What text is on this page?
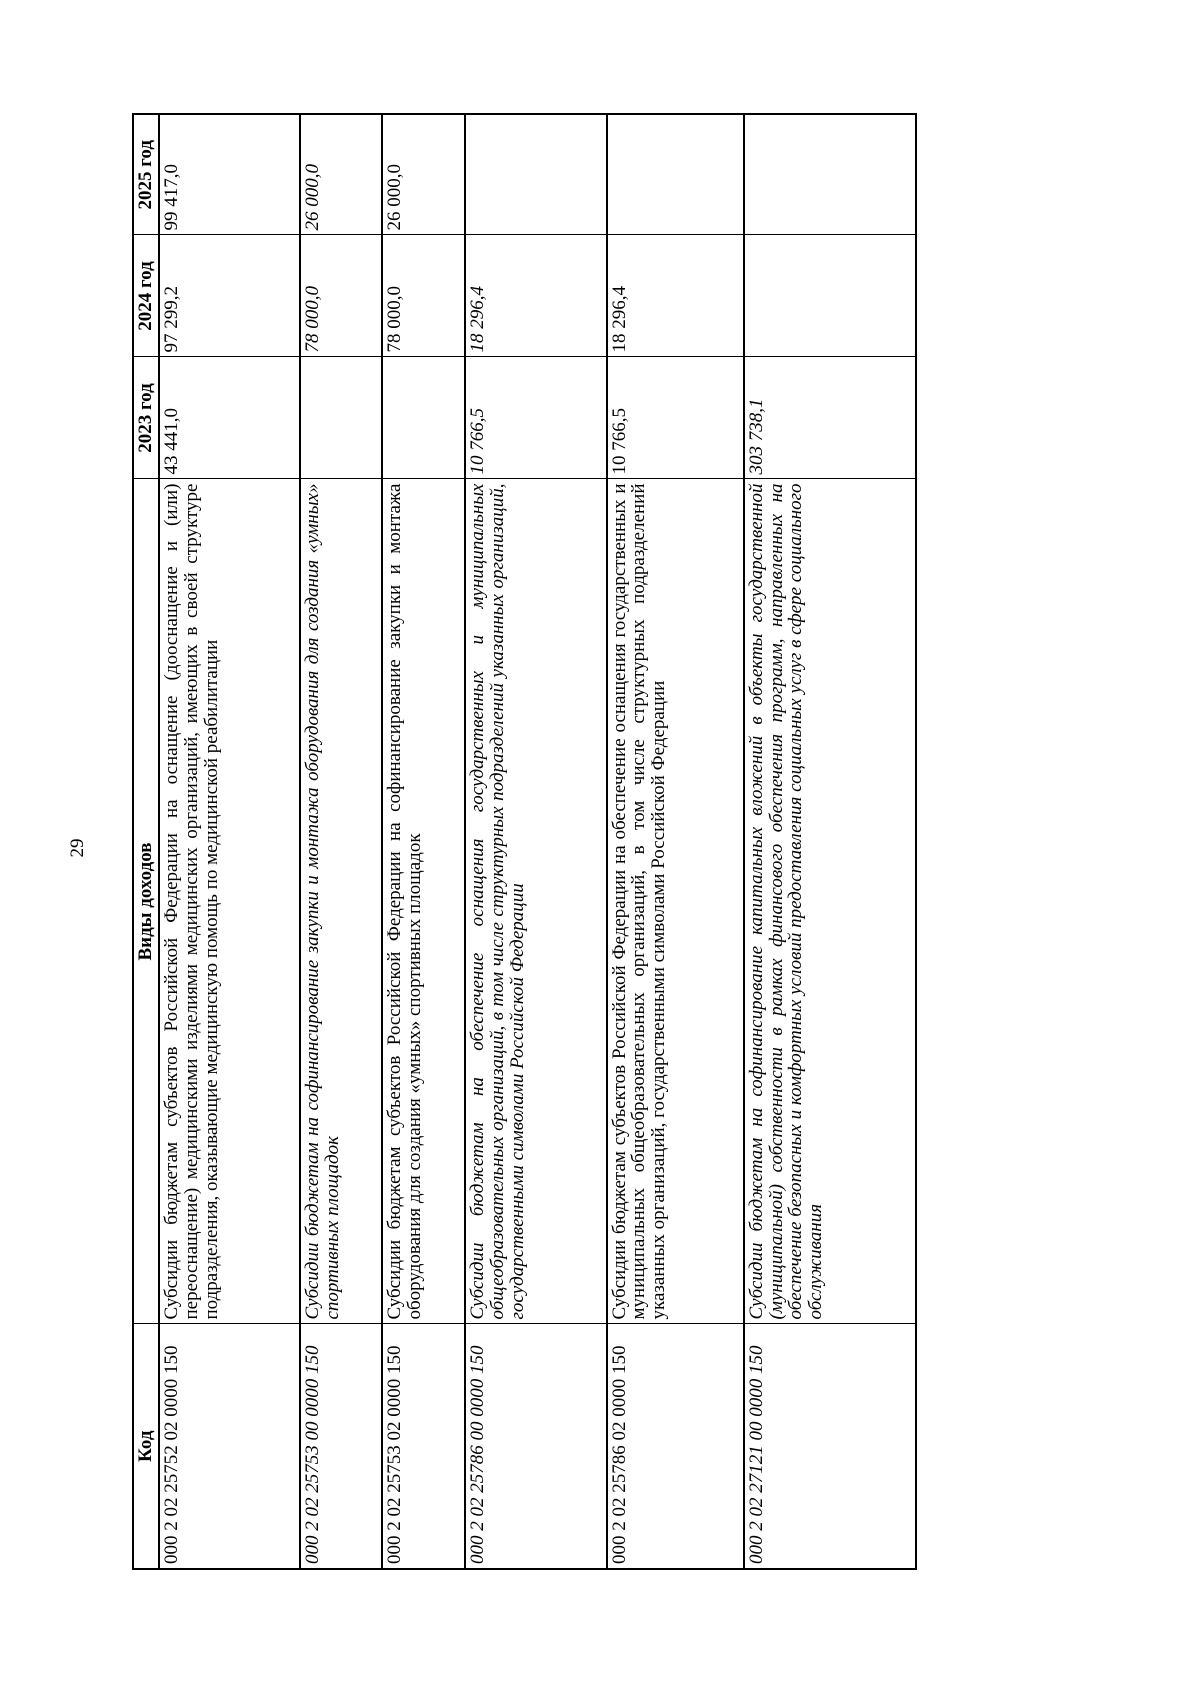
29
Код	Виды доходов	2023 год	2024 год	2025 год
000 2 02 25752 02 0000 150	Субсидии бюджетам субъектов Российской Федерации на оснащение (дооснащение и (или) переоснащение) медицинскими изделиями медицинских организаций, имеющих в своей структуре подразделения, оказывающие медицинскую помощь по медицинской реабилитации	43 441,0	97 299,2	99 417,0
000 2 02 25753 00 0000 150	Субсидии бюджетам на софинансирование закупки и монтажа оборудования для создания «умных» спортивных площадок		78 000,0	26 000,0
000 2 02 25753 02 0000 150	Субсидии бюджетам субъектов Российской Федерации на софинансирование закупки и монтажа оборудования для создания «умных» спортивных площадок		78 000,0	26 000,0
000 2 02 25786 00 0000 150	Субсидии бюджетам на обеспечение оснащения государственных и муниципальных общеобразовательных организаций, в том числе структурных подразделений указанных организаций, государственными символами Российской Федерации	10 766,5	18 296,4	
000 2 02 25786 02 0000 150	Субсидии бюджетам субъектов Российской Федерации на обеспечение оснащения государственных и муниципальных общеобразовательных организаций, в том числе структурных подразделений указанных организаций, государственными символами Российской Федерации	10 766,5	18 296,4	
000 2 02 27121 00 0000 150	Субсидии бюджетам на софинансирование капитальных вложений в объекты государственной (муниципальной) собственности в рамках финансового обеспечения программ, направленных на обеспечение безопасных и комфортных условий предоставления социальных услуг в сфере социального обслуживания	303 738,1		
